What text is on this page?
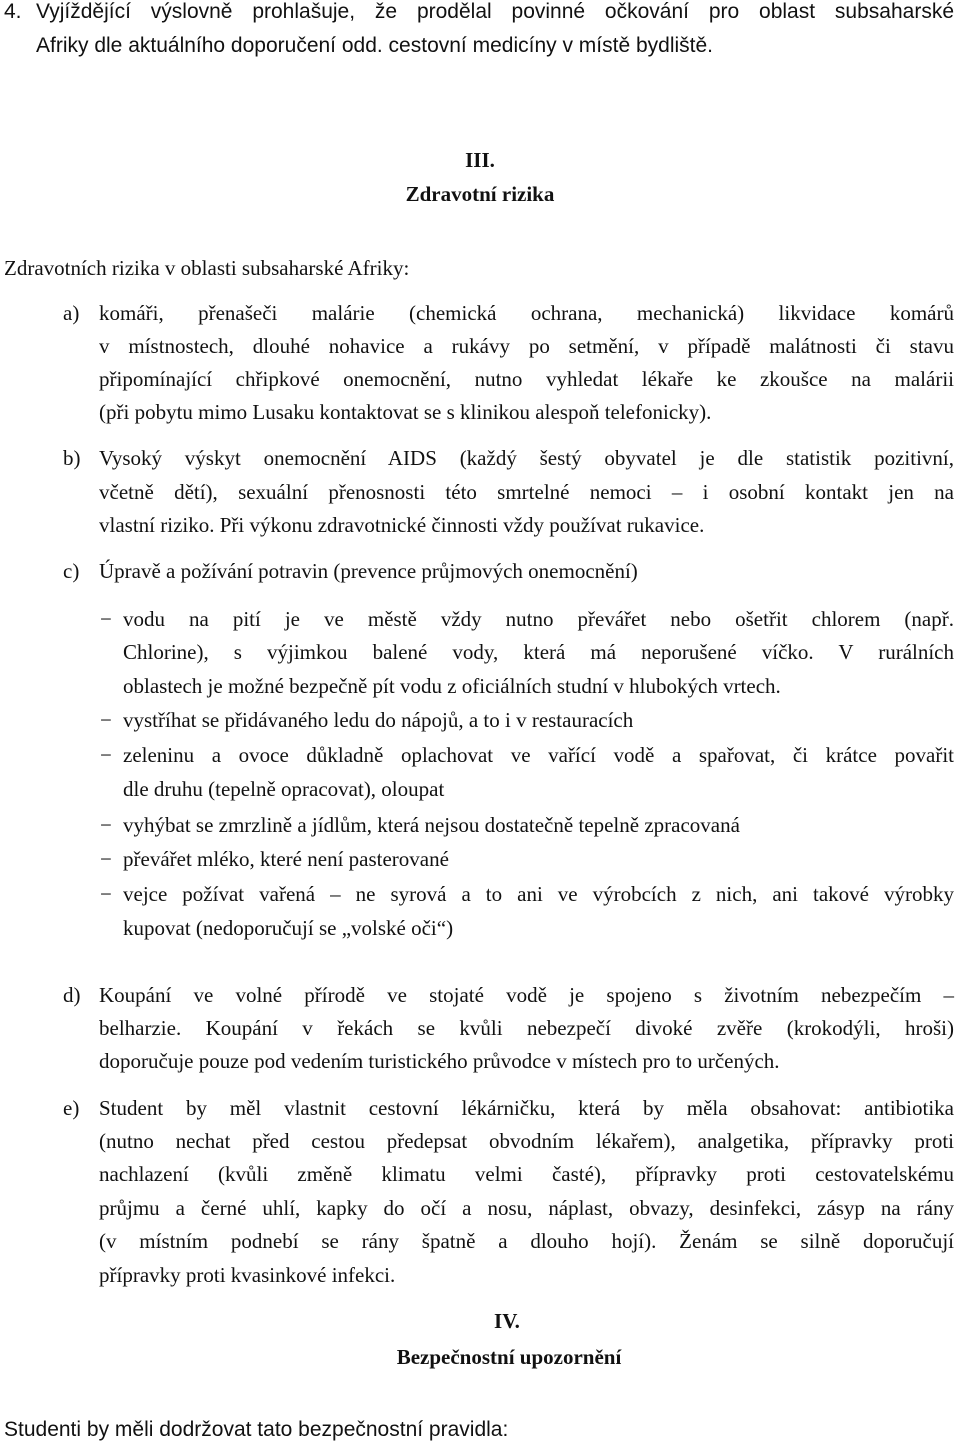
4. Vyjíždějící výslovně prohlašuje, že prodělal povinné očkování pro oblast subsaharské
Afriky dle aktuálního doporučení odd. cestovní medicíny v místě bydliště.
III.
Zdravotní rizika
Zdravotních rizika v oblasti subsaharské Afriky:
a) komáři, přenašeči malárie (chemická ochrana, mechanická) likvidace komárů
v místnostech, dlouhé nohavice a rukávy po setmění, v případě malátnosti či stavu
připomínající chřipkové onemocnění, nutno vyhledat lékaře ke zkoušce na malárii
(při pobytu mimo Lusaku kontaktovat se s klinikou alespoň telefonicky).
b) Vysoký výskyt onemocnění AIDS (každý šestý obyvatel je dle statistik pozitivní,
včetně dětí), sexuální přenosnosti této smrtelné nemoci – i osobní kontakt jen na
vlastní riziko. Při výkonu zdravotnické činnosti vždy používat rukavice.
c) Úpravě a požívání potravin (prevence průjmových onemocnění)
− vodu na pití je ve městě vždy nutno převářet nebo ošetřit chlorem (např.
Chlorine), s výjimkou balené vody, která má neporušené víčko. V rurálních
oblastech je možné bezpečně pít vodu z oficiálních studní v hlubokých vrtech.
− vystříhat se přidávaného ledu do nápojů, a to i v restauracích
− zeleninu a ovoce důkladně oplachovat ve vařící vodě a spařovat, či krátce povařit
dle druhu (tepelně opracovat), oloupat
− vyhýbat se zmrzlině a jídlům, která nejsou dostatečně tepelně zpracovaná
− převářet mléko, které není pasterované
− vejce požívat vařená – ne syrová a to ani ve výrobcích z nich, ani takové výrobky
kupovat (nedoporučují se „volské oči“)
d) Koupání ve volné přírodě ve stojaté vodě je spojeno s životním nebezpečím –
belharzie. Koupání v řekách se kvůli nebezpečí divoké zvěře (krokodýli, hroši)
doporučuje pouze pod vedením turistického průvodce v místech pro to určených.
e) Student by měl vlastnit cestovní lékárničku, která by měla obsahovat: antibiotika
(nutno nechat před cestou předepsat obvodním lékařem), analgetika, přípravky proti
nachlazení (kvůli změně klimatu velmi časté), přípravky proti cestovatelskému
průjmu a černé uhlí, kapky do očí a nosu, náplast, obvazy, desinfekci, zásyp na rány
(v místním podnebí se rány špatně a dlouho hojí). Ženám se silně doporučují
přípravky proti kvasinkové infekci.
IV.
Bezpečnostní upozornění
Studenti by měli dodržovat tato bezpečnostní pravidla:
